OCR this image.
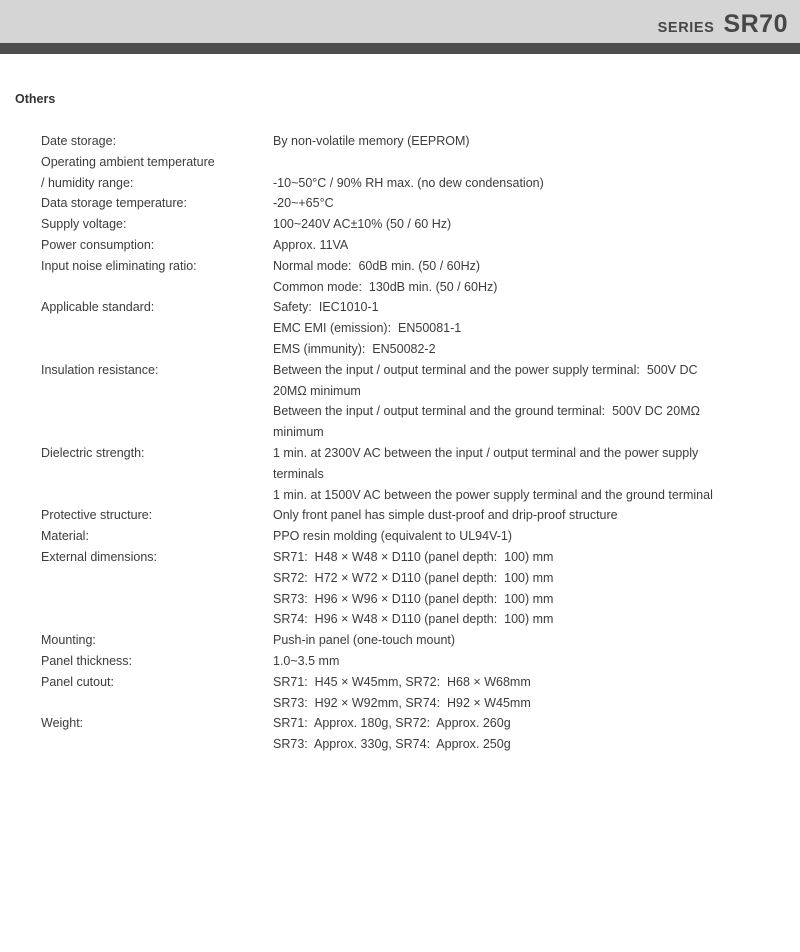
SERIES SR70
Others
Date storage:	By non-volatile memory (EEPROM)
Operating ambient temperature
/ humidity range:	-10~50°C / 90% RH max. (no dew condensation)
Data storage temperature:	-20~+65°C
Supply voltage:	100~240V AC±10% (50 / 60 Hz)
Power consumption:	Approx. 11VA
Input noise eliminating ratio:	Normal mode:  60dB min. (50 / 60Hz)
Common mode:  130dB min. (50 / 60Hz)
Applicable standard:	Safety:  IEC1010-1
EMC EMI (emission):  EN50081-1
EMS (immunity):  EN50082-2
Insulation resistance:	Between the input / output terminal and the power supply terminal:  500V DC
20MΩ minimum
Between the input / output terminal and the ground terminal:  500V DC 20MΩ
minimum
Dielectric strength:	1 min. at 2300V AC between the input / output terminal and the power supply
terminals
1 min. at 1500V AC between the power supply terminal and the ground terminal
Protective structure:	Only front panel has simple dust-proof and drip-proof structure
Material:	PPO resin molding (equivalent to UL94V-1)
External dimensions:	SR71:  H48 × W48 × D110 (panel depth:  100) mm
SR72:  H72 × W72 × D110 (panel depth:  100) mm
SR73:  H96 × W96 × D110 (panel depth:  100) mm
SR74:  H96 × W48 × D110 (panel depth:  100) mm
Mounting:	Push-in panel (one-touch mount)
Panel thickness:	1.0~3.5 mm
Panel cutout:	SR71:  H45 × W45mm, SR72:  H68 × W68mm
SR73:  H92 × W92mm, SR74:  H92 × W45mm
Weight:	SR71:  Approx. 180g, SR72:  Approx. 260g
SR73:  Approx. 330g, SR74:  Approx. 250g
